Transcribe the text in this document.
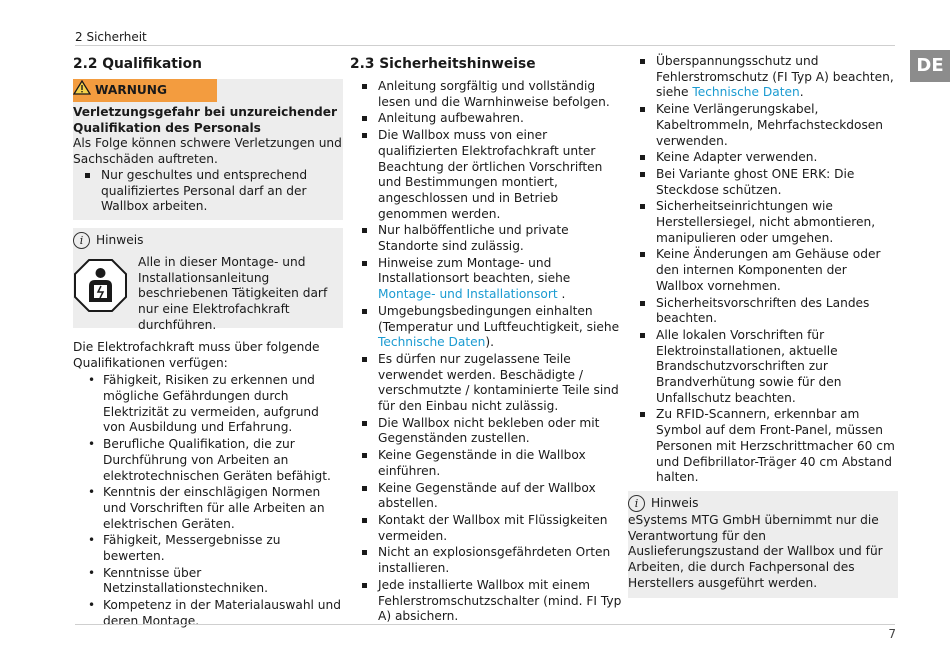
2 Sicherheit
DE
2.2 Qualifikation
WARNUNG

Verletzungsgefahr bei unzureichender Qualifikation des Personals

Als Folge können schwere Verletzungen und Sachschäden auftreten.

Nur geschultes und entsprechend qualifiziertes Personal darf an der Wallbox arbeiten.
i	Hinweis

Alle in dieser Montage- und Installationsanleitung beschriebenen Tätigkeiten darf nur eine Elektrofachkraft durchführen.

Die Elektrofachkraft muss über folgende Qualifikationen verfügen:

• Fähigkeit, Risiken zu erkennen und mögliche Gefährdungen durch Elektrizität zu vermeiden, aufgrund von Ausbildung und Erfahrung.
• Berufliche Qualifikation, die zur Durchführung von Arbeiten an elektrotechnischen Geräten befähigt.
• Kenntnis der einschlägigen Normen und Vorschriften für alle Arbeiten an elektrischen Geräten.
• Fähigkeit, Messergebnisse zu bewerten.
• Kenntnisse über Netzinstallationstechniken.
• Kompetenz in der Materialauswahl und deren Montage.
2.3 Sicherheitshinweise
Anleitung sorgfältig und vollständig lesen und die Warnhinweise befolgen.
Anleitung aufbewahren.
Die Wallbox muss von einer qualifizierten Elektrofachkraft unter Beachtung der örtlichen Vorschriften und Bestimmungen montiert, angeschlossen und in Betrieb genommen werden.
Nur halböffentliche und private Standorte sind zulässig.
Hinweise zum Montage- und Installationsort beachten, siehe Montage- und Installationsort .
Umgebungsbedingungen einhalten (Temperatur und Luftfeuchtigkeit, siehe Technische Daten).
Es dürfen nur zugelassene Teile verwendet werden. Beschädigte / verschmutzte / kontaminierte Teile sind für den Einbau nicht zulässig.
Die Wallbox nicht bekleben oder mit Gegenständen zustellen.
Keine Gegenstände in die Wallbox einführen.
Keine Gegenstände auf der Wallbox abstellen.
Kontakt der Wallbox mit Flüssigkeiten vermeiden.
Nicht an explosionsgefährdeten Orten installieren.
Jede installierte Wallbox mit einem Fehlerstromschutzschalter (mind. FI Typ A) absichern.
Überspannungsschutz und Fehlerstromschutz (FI Typ A) beachten, siehe Technische Daten.
Keine Verlängerungskabel, Kabeltrommeln, Mehrfachsteckdosen verwenden.
Keine Adapter verwenden.
Bei Variante ghost ONE ERK: Die Steckdose schützen.
Sicherheitseinrichtungen wie Herstellersiegel, nicht abmontieren, manipulieren oder umgehen.
Keine Änderungen am Gehäuse oder den internen Komponenten der Wallbox vornehmen.
Sicherheitsvorschriften des Landes beachten.
Alle lokalen Vorschriften für Elektroinstallationen, aktuelle Brandschutzvorschriften zur Brandverhütung sowie für den Unfallschutz beachten.
Zu RFID-Scannern, erkennbar am Symbol auf dem Front-Panel, müssen Personen mit Herzschrittmacher 60 cm und Defibrillator-Träger 40 cm Abstand halten.
i	Hinweis

eSystems MTG GmbH übernimmt nur die Verantwortung für den Auslieferungszustand der Wallbox und für Arbeiten, die durch Fachpersonal des Herstellers ausgeführt werden.

7
